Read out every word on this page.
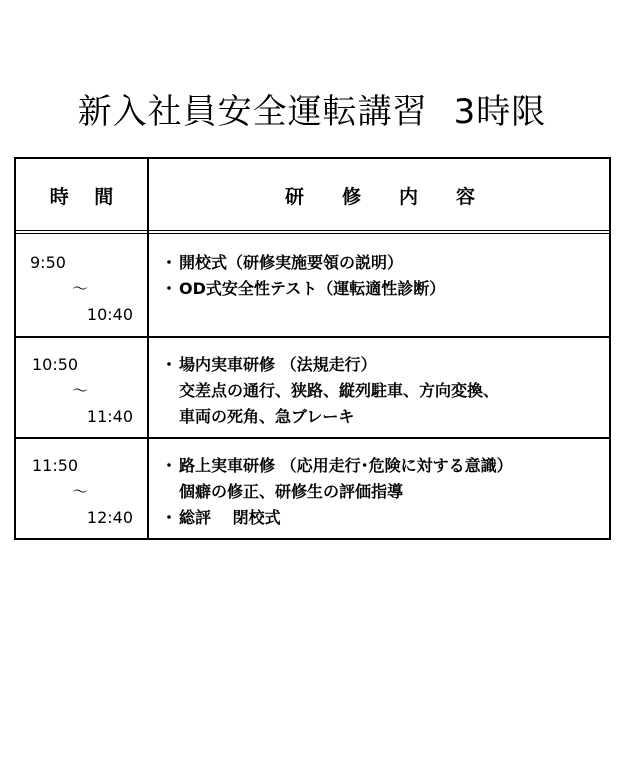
新入社員安全運転講習 3時限
時　 間	研　　修　　内　　容
9:50
～
10:40
・ 開校式（研修実施要領の説明）
・ OD式安全性テスト（運転適性診断）
10:50
～
11:40
・ 場内実車研修 （法規走行）
交差点の通行、狭路、縦列駐車、方向変換、
車両の死角、急ブレーキ
11:50
～
12:40
・ 路上実車研修 （応用走行･危険に対する意識）
個癖の修正、研修生の評価指導
・ 総評　 閉校式
